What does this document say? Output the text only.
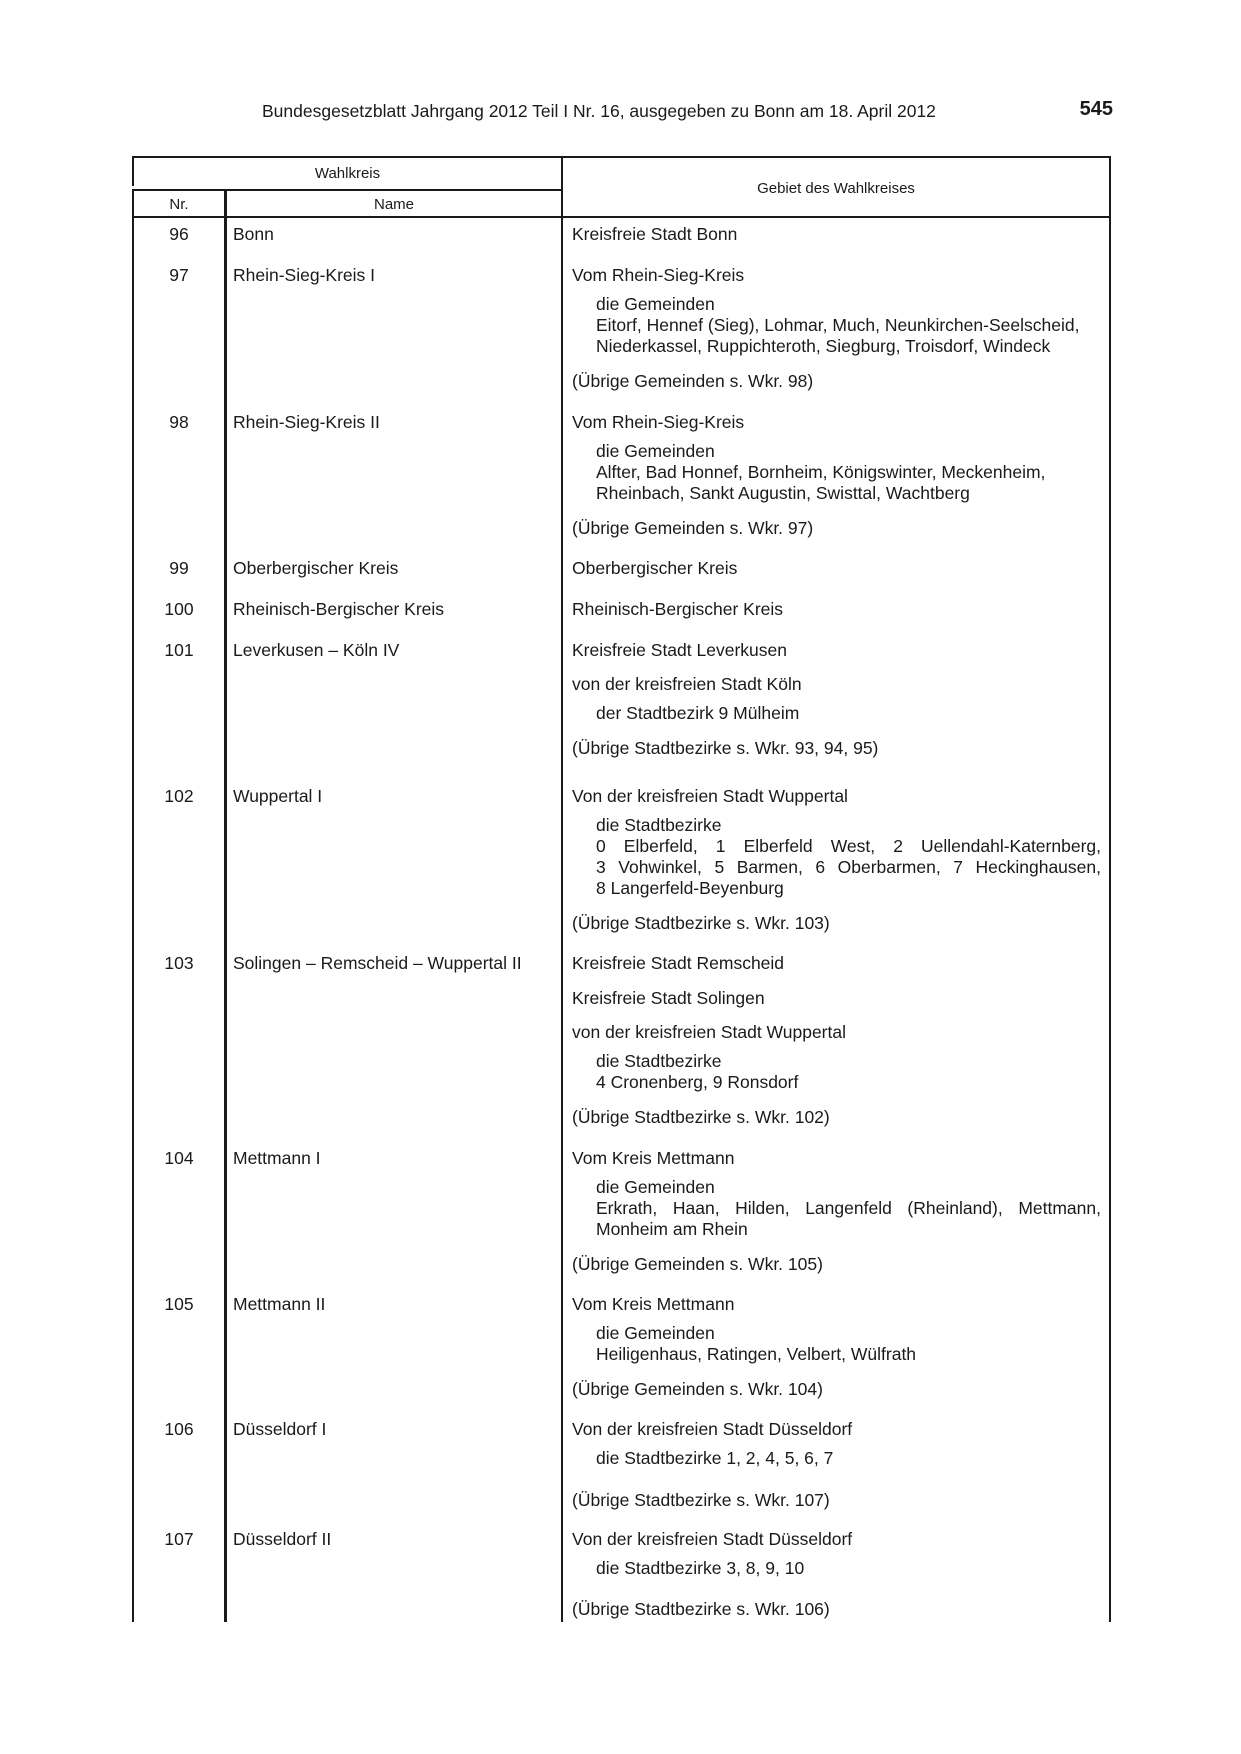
Bundesgesetzblatt Jahrgang 2012 Teil I Nr. 16, ausgegeben zu Bonn am 18. April 2012	545
Wahlkreis
Nr.	Name
Gebiet des Wahlkreises
96	Bonn	Kreisfreie Stadt Bonn
97	Rhein-Sieg-Kreis I	Vom Rhein-Sieg-Kreis
die Gemeinden
Eitorf, Hennef (Sieg), Lohmar, Much, Neunkirchen-Seelscheid,
Niederkassel, Ruppichteroth, Siegburg, Troisdorf, Windeck
(Übrige Gemeinden s. Wkr. 98)
98	Rhein-Sieg-Kreis II	Vom Rhein-Sieg-Kreis
die Gemeinden
Alfter, Bad Honnef, Bornheim, Königswinter, Meckenheim,
Rheinbach, Sankt Augustin, Swisttal, Wachtberg
(Übrige Gemeinden s. Wkr. 97)
99	Oberbergischer Kreis	Oberbergischer Kreis
100	Rheinisch-Bergischer Kreis	Rheinisch-Bergischer Kreis
101	Leverkusen – Köln IV	Kreisfreie Stadt Leverkusen
von der kreisfreien Stadt Köln
der Stadtbezirk 9 Mülheim
(Übrige Stadtbezirke s. Wkr. 93, 94, 95)
102	Wuppertal I	Von der kreisfreien Stadt Wuppertal
die Stadtbezirke
0 Elberfeld, 1 Elberfeld West, 2 Uellendahl-Katernberg,
3 Vohwinkel, 5 Barmen, 6 Oberbarmen, 7 Heckinghausen,
8 Langerfeld-Beyenburg
(Übrige Stadtbezirke s. Wkr. 103)
103	Solingen – Remscheid – Wuppertal II	Kreisfreie Stadt Remscheid
Kreisfreie Stadt Solingen
von der kreisfreien Stadt Wuppertal
die Stadtbezirke
4 Cronenberg, 9 Ronsdorf
(Übrige Stadtbezirke s. Wkr. 102)
104	Mettmann I	Vom Kreis Mettmann
die Gemeinden
Erkrath, Haan, Hilden, Langenfeld (Rheinland), Mettmann,
Monheim am Rhein
(Übrige Gemeinden s. Wkr. 105)
105	Mettmann II	Vom Kreis Mettmann
die Gemeinden
Heiligenhaus, Ratingen, Velbert, Wülfrath
(Übrige Gemeinden s. Wkr. 104)
106	Düsseldorf I	Von der kreisfreien Stadt Düsseldorf
die Stadtbezirke 1, 2, 4, 5, 6, 7
(Übrige Stadtbezirke s. Wkr. 107)
107	Düsseldorf II	Von der kreisfreien Stadt Düsseldorf
die Stadtbezirke 3, 8, 9, 10
(Übrige Stadtbezirke s. Wkr. 106)
